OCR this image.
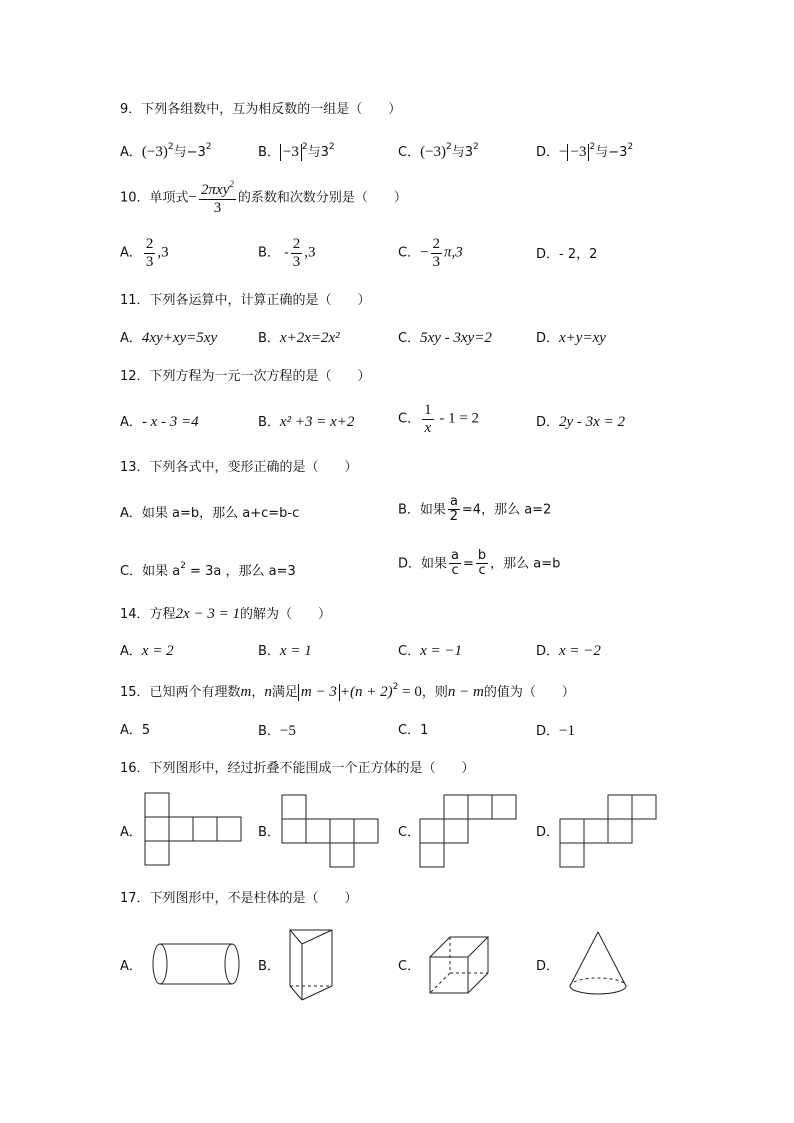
9．下列各组数中，互为相反数的一组是（　　）
A．$(-3)^2$与$-3^2$	B． −3 $^2$与$3^2$	C．$(-3)^2$与$3^2$	D．− −3 $^2$与$-3^2$
10．单项式− $\frac{2\pi xy^2}{3}$ 的系数和次数分别是（　　）
A． $\frac{2}{3} ,3$	B． - $\frac{2}{3} ,3$	C．− $\frac{2}{3} \pi,3$	D．- 2，2
11．下列各运算中，计算正确的是（　　）
A．4xy+xy=5xy	B．x+2x=2x²	C．5xy - 3xy=2	D．x+y=xy
12．下列方程为一元一次方程的是（　　）
A．- x - 3 =4	B．x² +3 = x+2	C． $\frac{1}{x} - 1 = 2$	D．2y - 3x = 2
13．下列各式中，变形正确的是（　　）
A．如果 a=b，那么 a+c=b-c	B．如果 $\frac{a}{2} =4$，那么 a=2
C．如果 $a^2 = 3a$ ，那么 a=3
D．如果 $\frac{a}{c} = \frac{b}{c}$ ，那么 a=b
14．方程2x − 3 = 1的解为（　　）
A．x = 2	B．x = 1	C．x = −1	D．x = −2
15．已知两个有理数m，n满足 $m - 3 +(n + 2)^2 = 0$，则n − m的值为（　　）
A．5	B．−5	C．1	D．−1
16．下列图形中，经过折叠不能围成一个正方体的是（　　）
A．	B．	C．	D．
17．下列图形中，不是柱体的是（　　）
A．	B．	C．	D．
